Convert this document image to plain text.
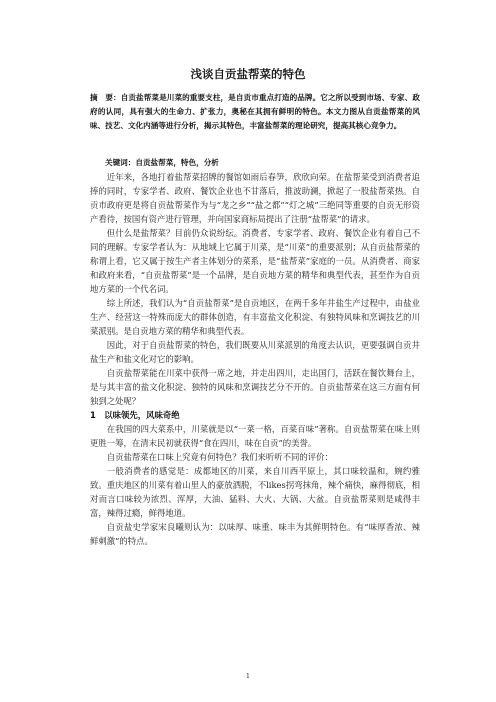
浅谈自贡盐帮菜的特色
摘　要：自贡盐帮菜是川菜的重要支柱，是自贡市重点打造的品牌。它之所以受到市场、专家、政府的认同，具有强大的生命力、扩张力，奥秘在其拥有鲜明的特色。本文力图从自贡盐帮菜的风味、技艺、文化内涵等进行分析，揭示其特色，丰富盐帮菜的理论研究，提高其核心竞争力。
关键词：自贡盐帮菜，特色，分析

近年来，各地打着盐帮菜招牌的餐馆如雨后春笋，欣欣向荣。在盐帮菜受到消费者追捧的同时，专家学者、政府、餐饮企业也不甘落后，推波助澜，掀起了一股盐帮菜热。自贡市政府更是将自贡盐帮菜作为与“龙之乡”“盐之都”“灯之城”三绝同等重要的自贡无形资产看待，按国有资产进行管理，并向国家商标局提出了注册“盐帮菜”的请求。

但什么是盐帮菜？目前仍众说纷纭。消费者、专家学者、政府、餐饮企业有着自己不同的理解。专家学者认为：从地域上它属于川菜，是“川菜”的重要派别；从自贡盐帮菜的称谓上看，它又属于按生产者主体划分的菜系，是“盐帮菜”家庭的一员。从消费者、商家和政府来看，“自贡盐帮菜”是一个品牌，是自贡地方菜的精华和典型代表，甚至作为自贡地方菜的一个代名词。

综上所述，我们认为“自贡盐帮菜”是自贡地区，在两千多年井盐生产过程中，由盐业生产、经营这一特殊而庞大的群体创造，有丰富盐文化积淀、有独特风味和烹调技艺的川菜派别。是自贡地方菜的精华和典型代表。

因此，对于自贡盐帮菜的特色，我们既要从川菜派别的角度去认识，更要强调自贡井盐生产和盐文化对它的影响。

自贡盐帮菜能在川菜中获得一席之地，并走出四川，走出国门，活跃在餐饮舞台上，是与其丰富的盐文化积淀、独特的风味和烹调技艺分不开的。自贡盐帮菜在这三方面有何独到之处呢？

1　以味领先，风味奇绝

在我国的四大菜系中，川菜就是以“一菜一格，百菜百味”著称。自贡盐帮菜在味上则更胜一筹，在清末民初就获得“食在四川，味在自贡”的美誉。

自贡盐帮菜在口味上究竟有何特色？我们来听听不同的评价：

一般消费者的感觉是：成都地区的川菜，来自川西平原上，其口味较温和，婉约雅致。重庆地区的川菜有着山里人的豪放洒脱，不likes拐弯抹角，辣个痛快，麻得彻底，相对而言口味较为浓烈、浑厚，大油、猛料、大火、大锅、大盆。自贡盐帮菜则是咸得丰富，辣得过瘾，鲜得地道。

自贡盐史学家宋良曦则认为：以味厚、味重、味丰为其鲜明特色。有“味厚香浓、辣鲜刺激”的特点。

1
